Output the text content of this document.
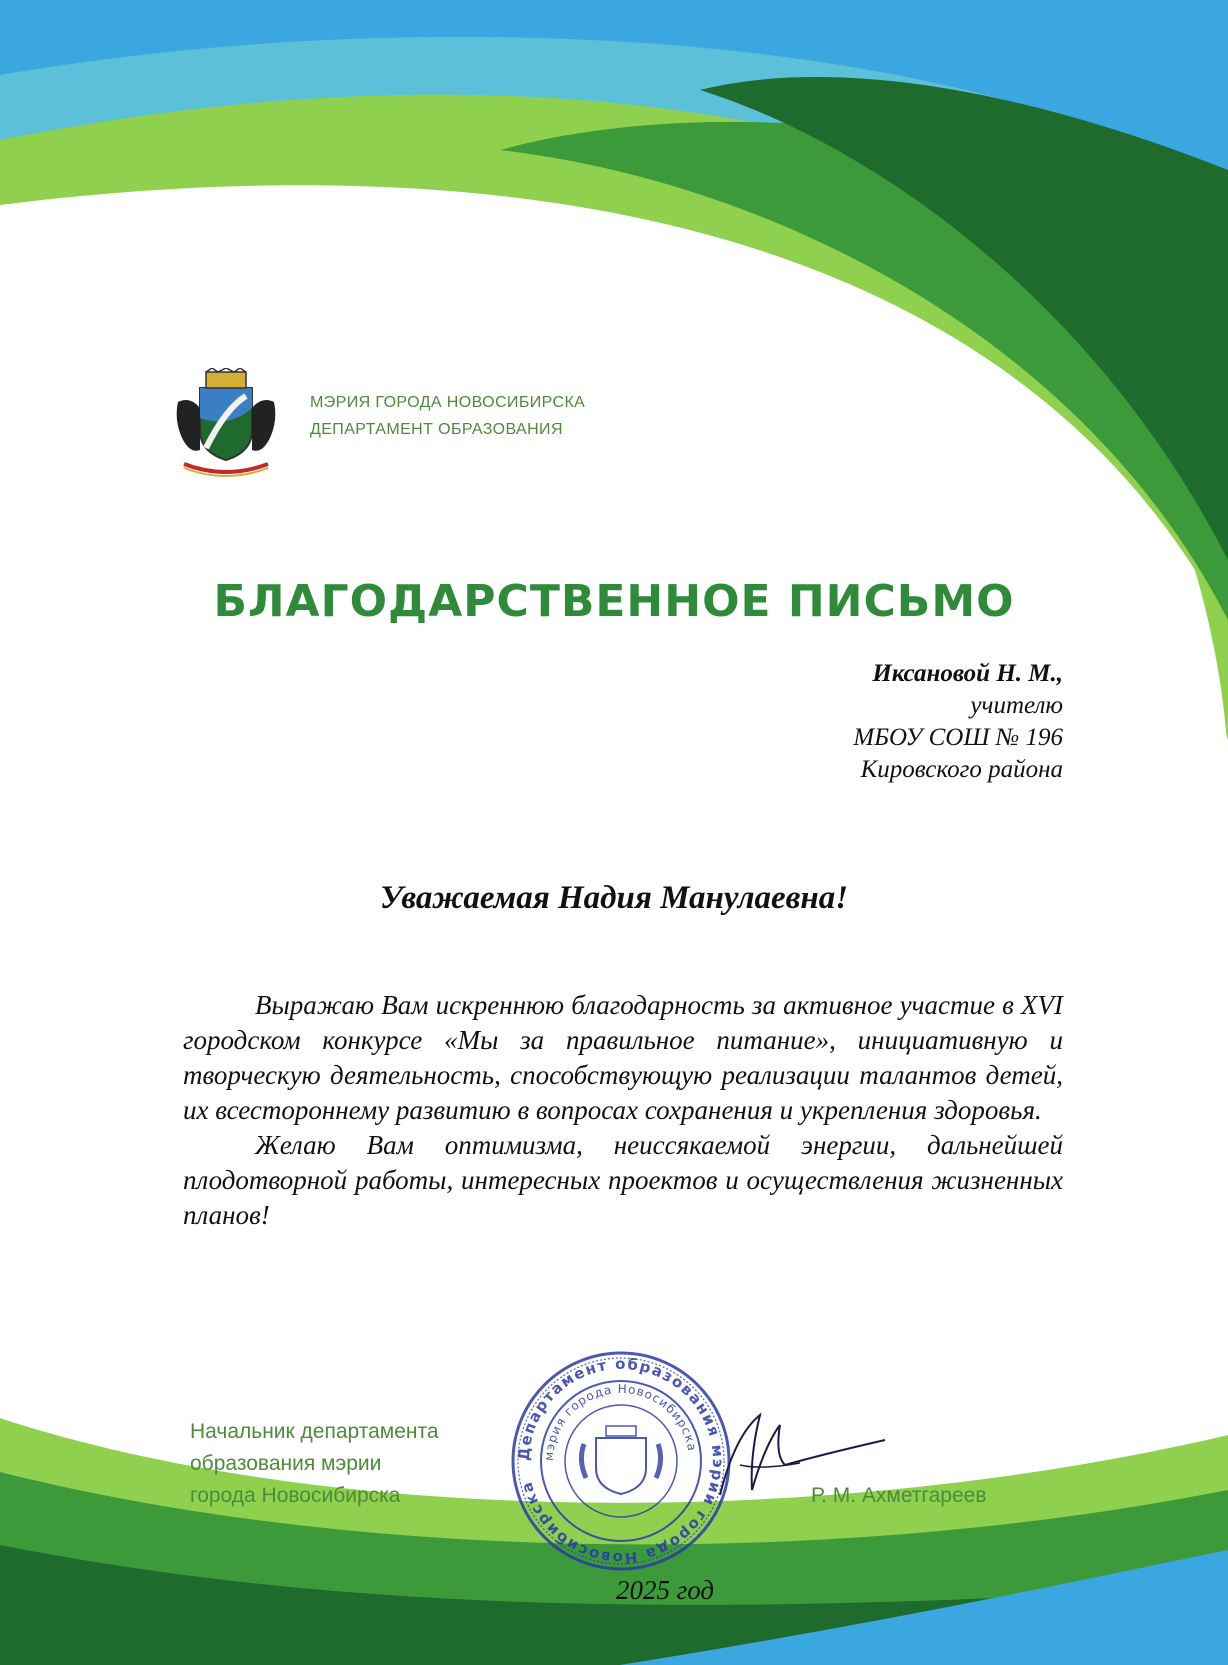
МЭРИЯ ГОРОДА НОВОСИБИРСКА
ДЕПАРТАМЕНТ ОБРАЗОВАНИЯ
БЛАГОДАРСТВЕННОЕ ПИСЬМО
Иксановой Н. М.,
учителю
МБОУ СОШ № 196
Кировского района
Уважаемая Надия Манулаевна!

Выражаю Вам искреннюю благодарность за активное участие в XVI городском конкурсе «Мы за правильное питание», инициативную и творческую деятельность, способствующую реализации талантов детей, их всестороннему развитию в вопросах сохранения и укрепления здоровья.

Желаю Вам оптимизма, неиссякаемой энергии, дальнейшей плодотворной работы, интересных проектов и осуществления жизненных планов!

Начальник департамента
образования мэрии
города Новосибирска	Р. М. Ахметгареев
Департамент образования мэрии города Новосибирска
мэрия города Новосибирска
2025 год
